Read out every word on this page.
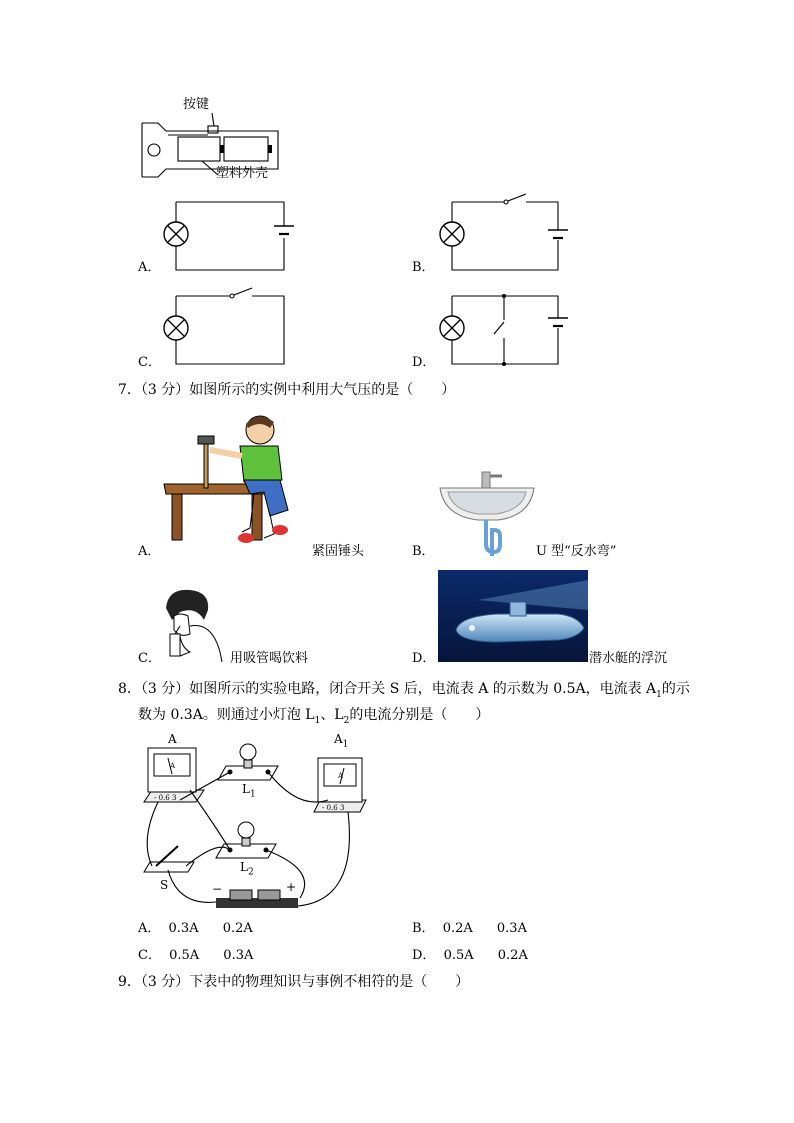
按键
塑料外壳
A．	B．
C．	D．
7．（3 分）如图所示的实例中利用大气压的是（　　）
A．	紧固锤头	B．	U 型“反水弯”
C．	用吸管喝饮料	D．	潜水艇的浮沉
8．（3 分）如图所示的实验电路，闭合开关 S 后，电流表 A 的示数为 0.5A，电流表 $A_1$的示
数为 0.3A。则通过小灯泡 $L_1$、$L_2$的电流分别是（　　）
A	$A_1$
A
A
- 0.6 3
- 0.6 3
$L_1$
$L_2$
S	−	+
A． 0.3A 0.2A	B． 0.2A 0.3A
C． 0.5A 0.3A	D． 0.5A 0.2A
9．（3 分）下表中的物理知识与事例不相符的是（　　）
